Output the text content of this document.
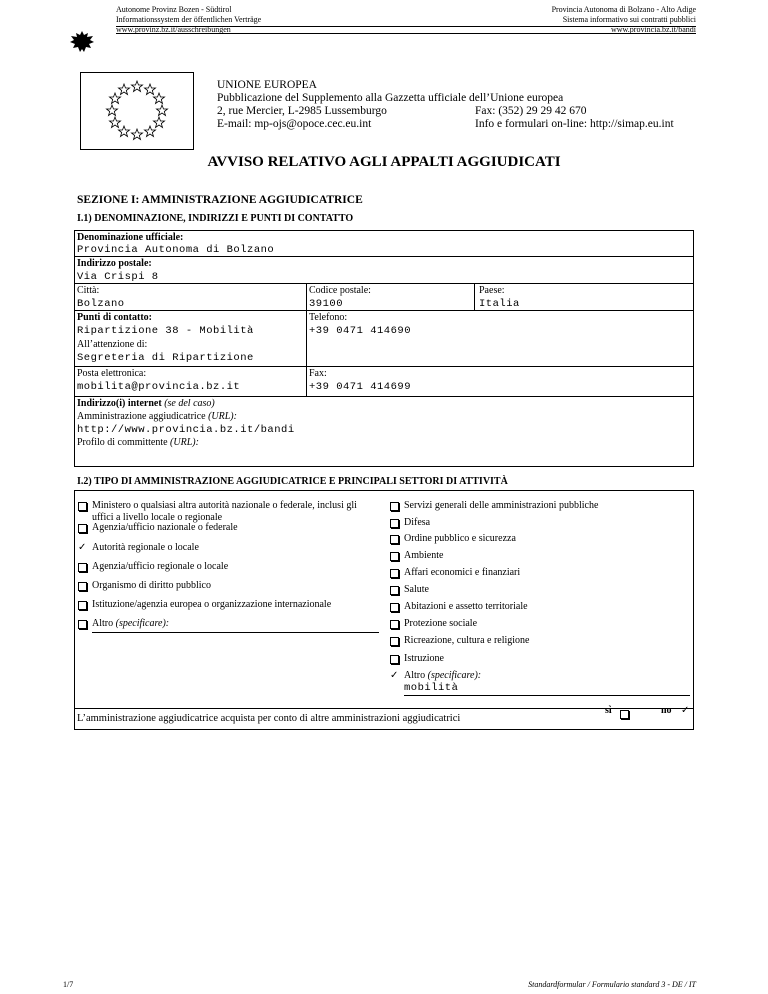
Autonome Provinz Bozen - Südtirol
Informationssystem der öffentlichen Verträge
www.provinz.bz.it/ausschreibungen
Provincia Autonoma di Bolzano - Alto Adige
Sistema informativo sui contratti pubblici
www.provincia.bz.it/bandi
UNIONE EUROPEA
Pubblicazione del Supplemento alla Gazzetta ufficiale dell’Unione europea
2, rue Mercier, L-2985 Lussemburgo	Fax: (352) 29 29 42 670
E-mail: mp-ojs@opoce.cec.eu.int	Info e formulari on-line: http://simap.eu.int
AVVISO RELATIVO AGLI APPALTI AGGIUDICATI
SEZIONE I: AMMINISTRAZIONE AGGIUDICATRICE
I.1) DENOMINAZIONE, INDIRIZZI E PUNTI DI CONTATTO
Denominazione ufficiale:
Provincia Autonoma di Bolzano
Indirizzo postale:
Via Crispi 8
Città:
Bolzano
Codice postale:
39100
Paese:
Italia
Punti di contatto:
Ripartizione 38 - Mobilità
All’attenzione di:
Segreteria di Ripartizione
Telefono:
+39 0471 414690
Posta elettronica:
mobilita@provincia.bz.it
Fax:
+39 0471 414699
Indirizzo(i) internet (se del caso)
Amministrazione aggiudicatrice (URL):
http://www.provincia.bz.it/bandi
Profilo di committente (URL):
I.2) TIPO DI AMMINISTRAZIONE AGGIUDICATRICE E PRINCIPALI SETTORI DI ATTIVITÀ
Ministero o qualsiasi altra autorità nazionale o federale, inclusi gli uffici a livello locale o regionale
Agenzia/ufficio nazionale o federale
✓ Autorità regionale o locale
Agenzia/ufficio regionale o locale
Organismo di diritto pubblico
Istituzione/agenzia europea o organizzazione internazionale
Altro
(specificare):
Servizi generali delle amministrazioni pubbliche
Difesa
Ordine pubblico e sicurezza
Ambiente
Affari economici e finanziari
Salute
Abitazioni e assetto territoriale
Protezione sociale
Ricreazione, cultura e religione
Istruzione
✓ Altro
(specificare):
mobilità
L’amministrazione aggiudicatrice acquista per conto di altre amministrazioni aggiudicatrici
sì	no ✓
1/7	Standardformular / Formulario standard 3 - DE / IT
